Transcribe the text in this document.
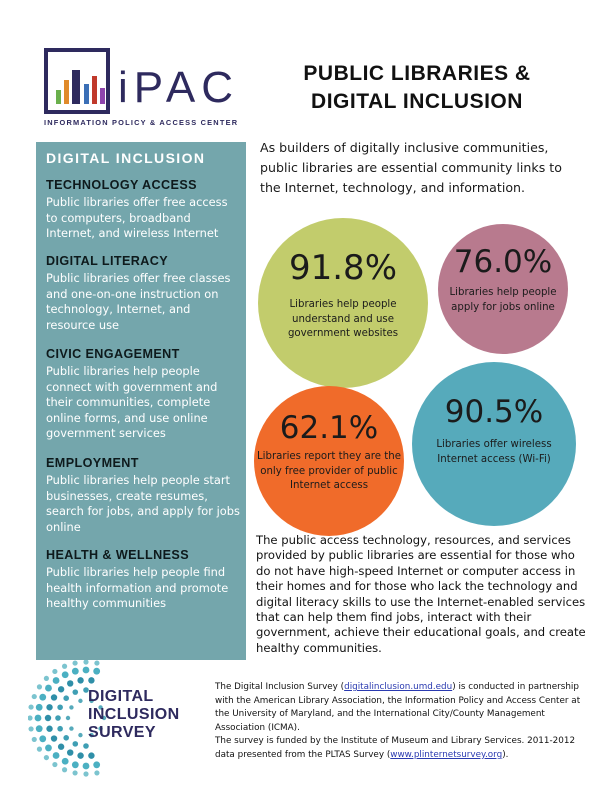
iPAC
INFORMATION POLICY & ACCESS CENTER
PUBLIC LIBRARIES &
DIGITAL INCLUSION
As builders of digitally inclusive communities, public libraries are essential community links to the Internet, technology, and information.
DIGITAL INCLUSION
TECHNOLOGY ACCESS
Public libraries offer free access to computers, broadband Internet, and wireless Internet
DIGITAL LITERACY
Public libraries offer free classes and one-on-one instruction on technology, Internet, and resource use
CIVIC ENGAGEMENT
Public libraries help people connect with government and their communities, complete online forms, and use online government services
EMPLOYMENT
Public libraries help people start businesses, create resumes, search for jobs, and apply for jobs online
HEALTH & WELLNESS
Public libraries help people find health information and promote healthy communities
91.8%
Libraries help people understand and use government websites
76.0%
Libraries help people apply for jobs online
62.1%
Libraries report they are the only free provider of public Internet access
90.5%
Libraries offer wireless Internet access (Wi-Fi)
The public access technology, resources, and services provided by public libraries are essential for those who do not have high-speed Internet or computer access in their homes and for those who lack the technology and digital literacy skills to use the Internet-enabled services that can help them find jobs, interact with their government, achieve their educational goals, and create healthy communities.
DIGITAL
INCLUSION
SURVEY
The Digital Inclusion Survey (digitalinclusion.umd.edu) is conducted in partnership with the American Library Association, the Information Policy and Access Center at the University of Maryland, and the International City/County Management Association (ICMA).
The survey is funded by the Institute of Museum and Library Services. 2011-2012 data presented from the PLTAS Survey (www.plinternetsurvey.org).
